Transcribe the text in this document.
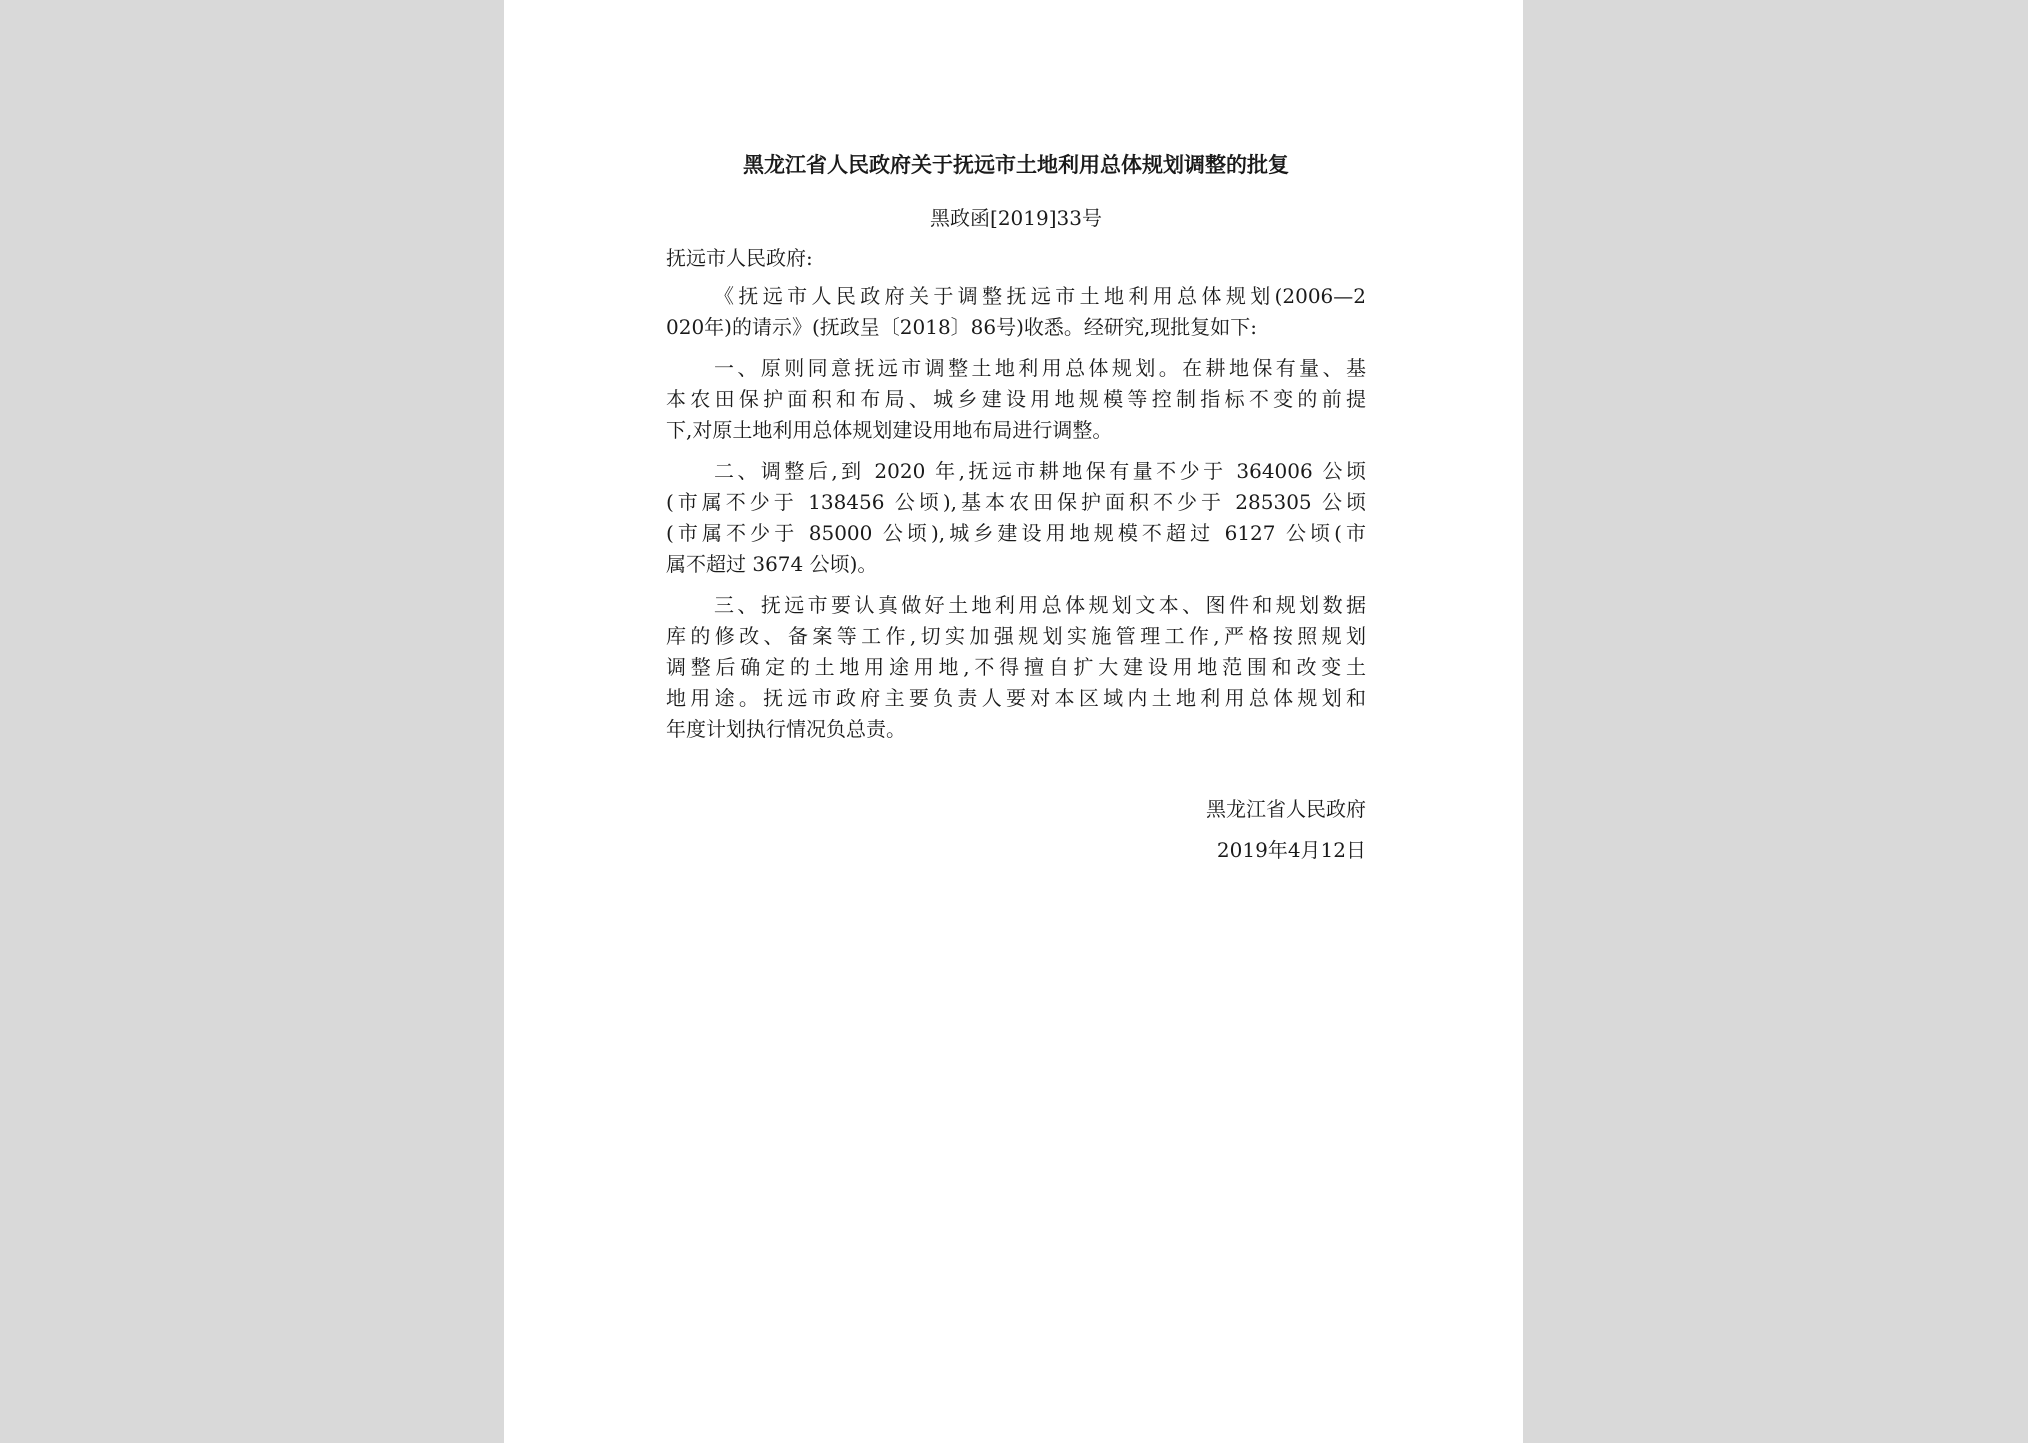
黑龙江省人民政府关于抚远市土地利用总体规划调整的批复
黑政函[2019]33号
抚远市人民政府:
《抚远市人民政府关于调整抚远市土地利用总体规划(2006—2
020年)的请示》(抚政呈〔2018〕86号)收悉。经研究,现批复如下:
一、原则同意抚远市调整土地利用总体规划。在耕地保有量、基
本农田保护面积和布局、城乡建设用地规模等控制指标不变的前提
下,对原土地利用总体规划建设用地布局进行调整。
二、调整后,到 2020 年,抚远市耕地保有量不少于 364006 公顷
(市属不少于 138456 公顷),基本农田保护面积不少于 285305 公顷
(市属不少于 85000 公顷),城乡建设用地规模不超过 6127 公顷(市
属不超过 3674 公顷)。
三、抚远市要认真做好土地利用总体规划文本、图件和规划数据
库的修改、备案等工作,切实加强规划实施管理工作,严格按照规划
调整后确定的土地用途用地,不得擅自扩大建设用地范围和改变土
地用途。抚远市政府主要负责人要对本区域内土地利用总体规划和
年度计划执行情况负总责。
黑龙江省人民政府
2019年4月12日
